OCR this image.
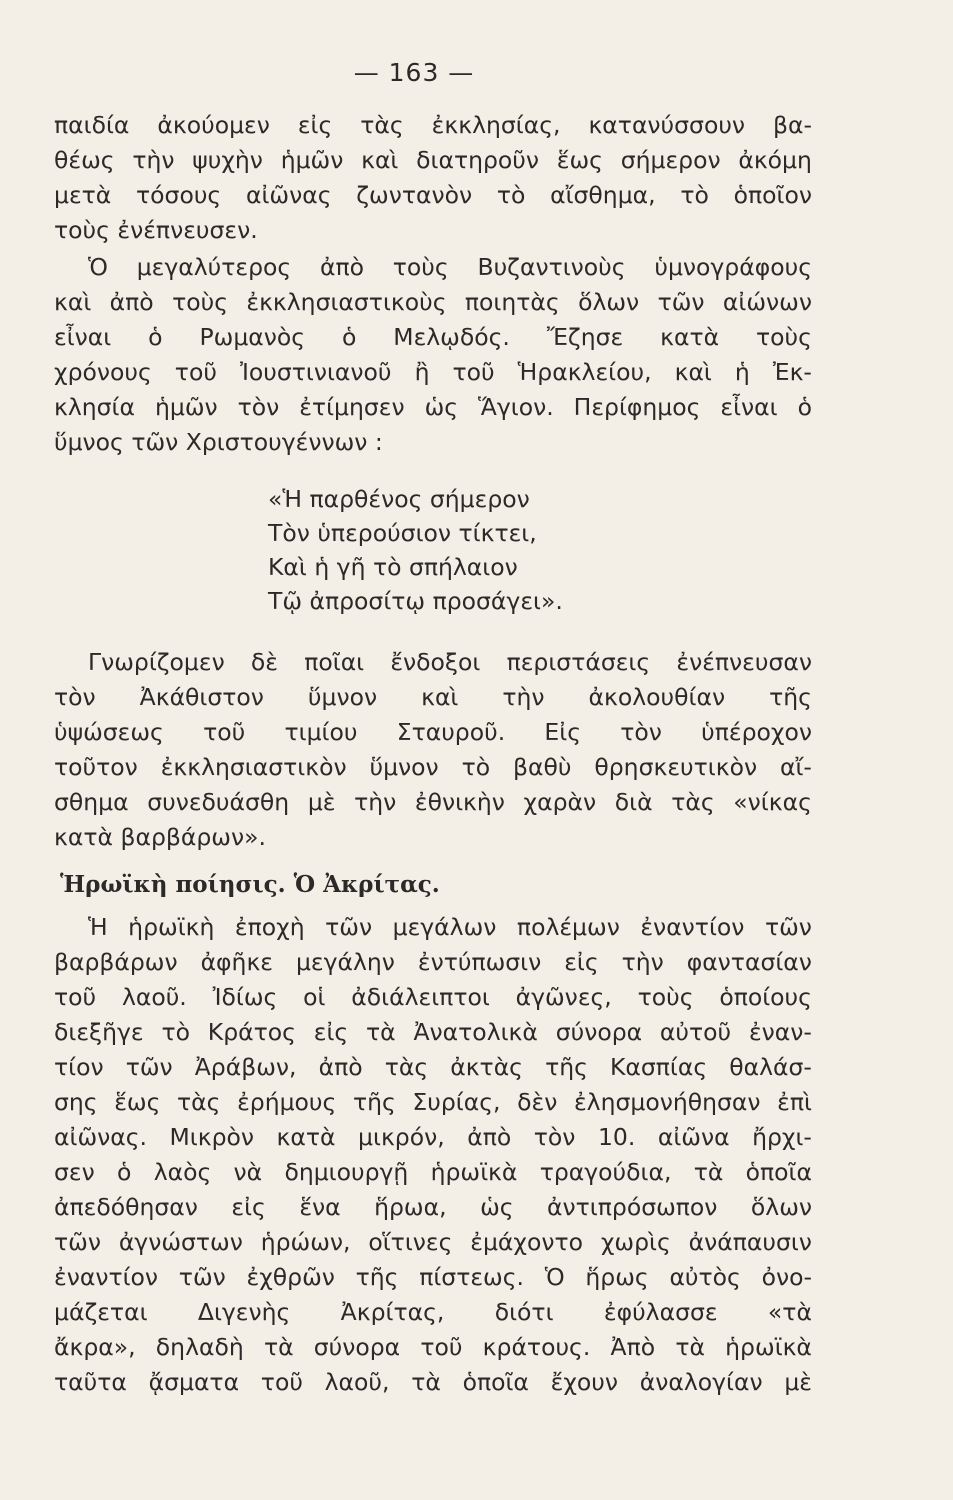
— 163 —
παιδία ἀκούομεν εἰς τὰς ἐκκλησίας, κατανύσσουν βα-
θέως τὴν ψυχὴν ἡμῶν καὶ διατηροῦν ἕως σήμερον ἀκόμη
μετὰ τόσους αἰῶνας ζωντανὸν τὸ αἴσθημα, τὸ ὁποῖον
τοὺς ἐνέπνευσεν.
Ὁ μεγαλύτερος ἀπὸ τοὺς Βυζαντινοὺς ὑμνογράφους
καὶ ἀπὸ τοὺς ἐκκλησιαστικοὺς ποιητὰς ὅλων τῶν αἰώνων
εἶναι ὁ Ρωμανὸς ὁ Μελῳδός. Ἔζησε κατὰ τοὺς
χρόνους τοῦ Ἰουστινιανοῦ ἢ τοῦ Ἡρακλείου, καὶ ἡ Ἐκ-
κλησία ἡμῶν τὸν ἐτίμησεν ὡς Ἅγιον. Περίφημος εἶναι ὁ
ὕμνος τῶν Χριστουγέννων :
«Ἡ παρθένος σήμερον
Τὸν ὑπερούσιον τίκτει,
Καὶ ἡ γῆ τὸ σπήλαιον
Τῷ ἀπροσίτῳ προσάγει».
Γνωρίζομεν δὲ ποῖαι ἔνδοξοι περιστάσεις ἐνέπνευσαν
τὸν Ἀκάθιστον ὕμνον καὶ τὴν ἀκολουθίαν τῆς
ὑψώσεως τοῦ τιμίου Σταυροῦ. Εἰς τὸν ὑπέροχον
τοῦτον ἐκκλησιαστικὸν ὕμνον τὸ βαθὺ θρησκευτικὸν αἴ-
σθημα συνεδυάσθη μὲ τὴν ἐθνικὴν χαρὰν διὰ τὰς «νίκας
κατὰ βαρβάρων».
Ἡρωϊκὴ ποίησις. Ὁ Ἀκρίτας.
Ἡ ἡρωϊκὴ ἐποχὴ τῶν μεγάλων πολέμων ἐναντίον τῶν
βαρβάρων ἀφῆκε μεγάλην ἐντύπωσιν εἰς τὴν φαντασίαν
τοῦ λαοῦ. Ἰδίως οἱ ἀδιάλειπτοι ἀγῶνες, τοὺς ὁποίους
διεξῆγε τὸ Κράτος εἰς τὰ Ἀνατολικὰ σύνορα αὐτοῦ ἐναν-
τίον τῶν Ἀράβων, ἀπὸ τὰς ἀκτὰς τῆς Κασπίας θαλάσ-
σης ἕως τὰς ἐρήμους τῆς Συρίας, δὲν ἐλησμονήθησαν ἐπὶ
αἰῶνας. Μικρὸν κατὰ μικρόν, ἀπὸ τὸν 10. αἰῶνα ἤρχι-
σεν ὁ λαὸς νὰ δημιουργῇ ἡρωϊκὰ τραγούδια, τὰ ὁποῖα
ἀπεδόθησαν εἰς ἕνα ἥρωα, ὡς ἀντιπρόσωπον ὅλων
τῶν ἀγνώστων ἡρώων, οἵτινες ἐμάχοντο χωρὶς ἀνάπαυσιν
ἐναντίον τῶν ἐχθρῶν τῆς πίστεως. Ὁ ἥρως αὐτὸς ὀνο-
μάζεται Διγενὴς Ἀκρίτας, διότι ἐφύλασσε «τὰ
ἄκρα», δηλαδὴ τὰ σύνορα τοῦ κράτους. Ἀπὸ τὰ ἡρωϊκὰ
ταῦτα ᾄσματα τοῦ λαοῦ, τὰ ὁποῖα ἔχουν ἀναλογίαν μὲ
